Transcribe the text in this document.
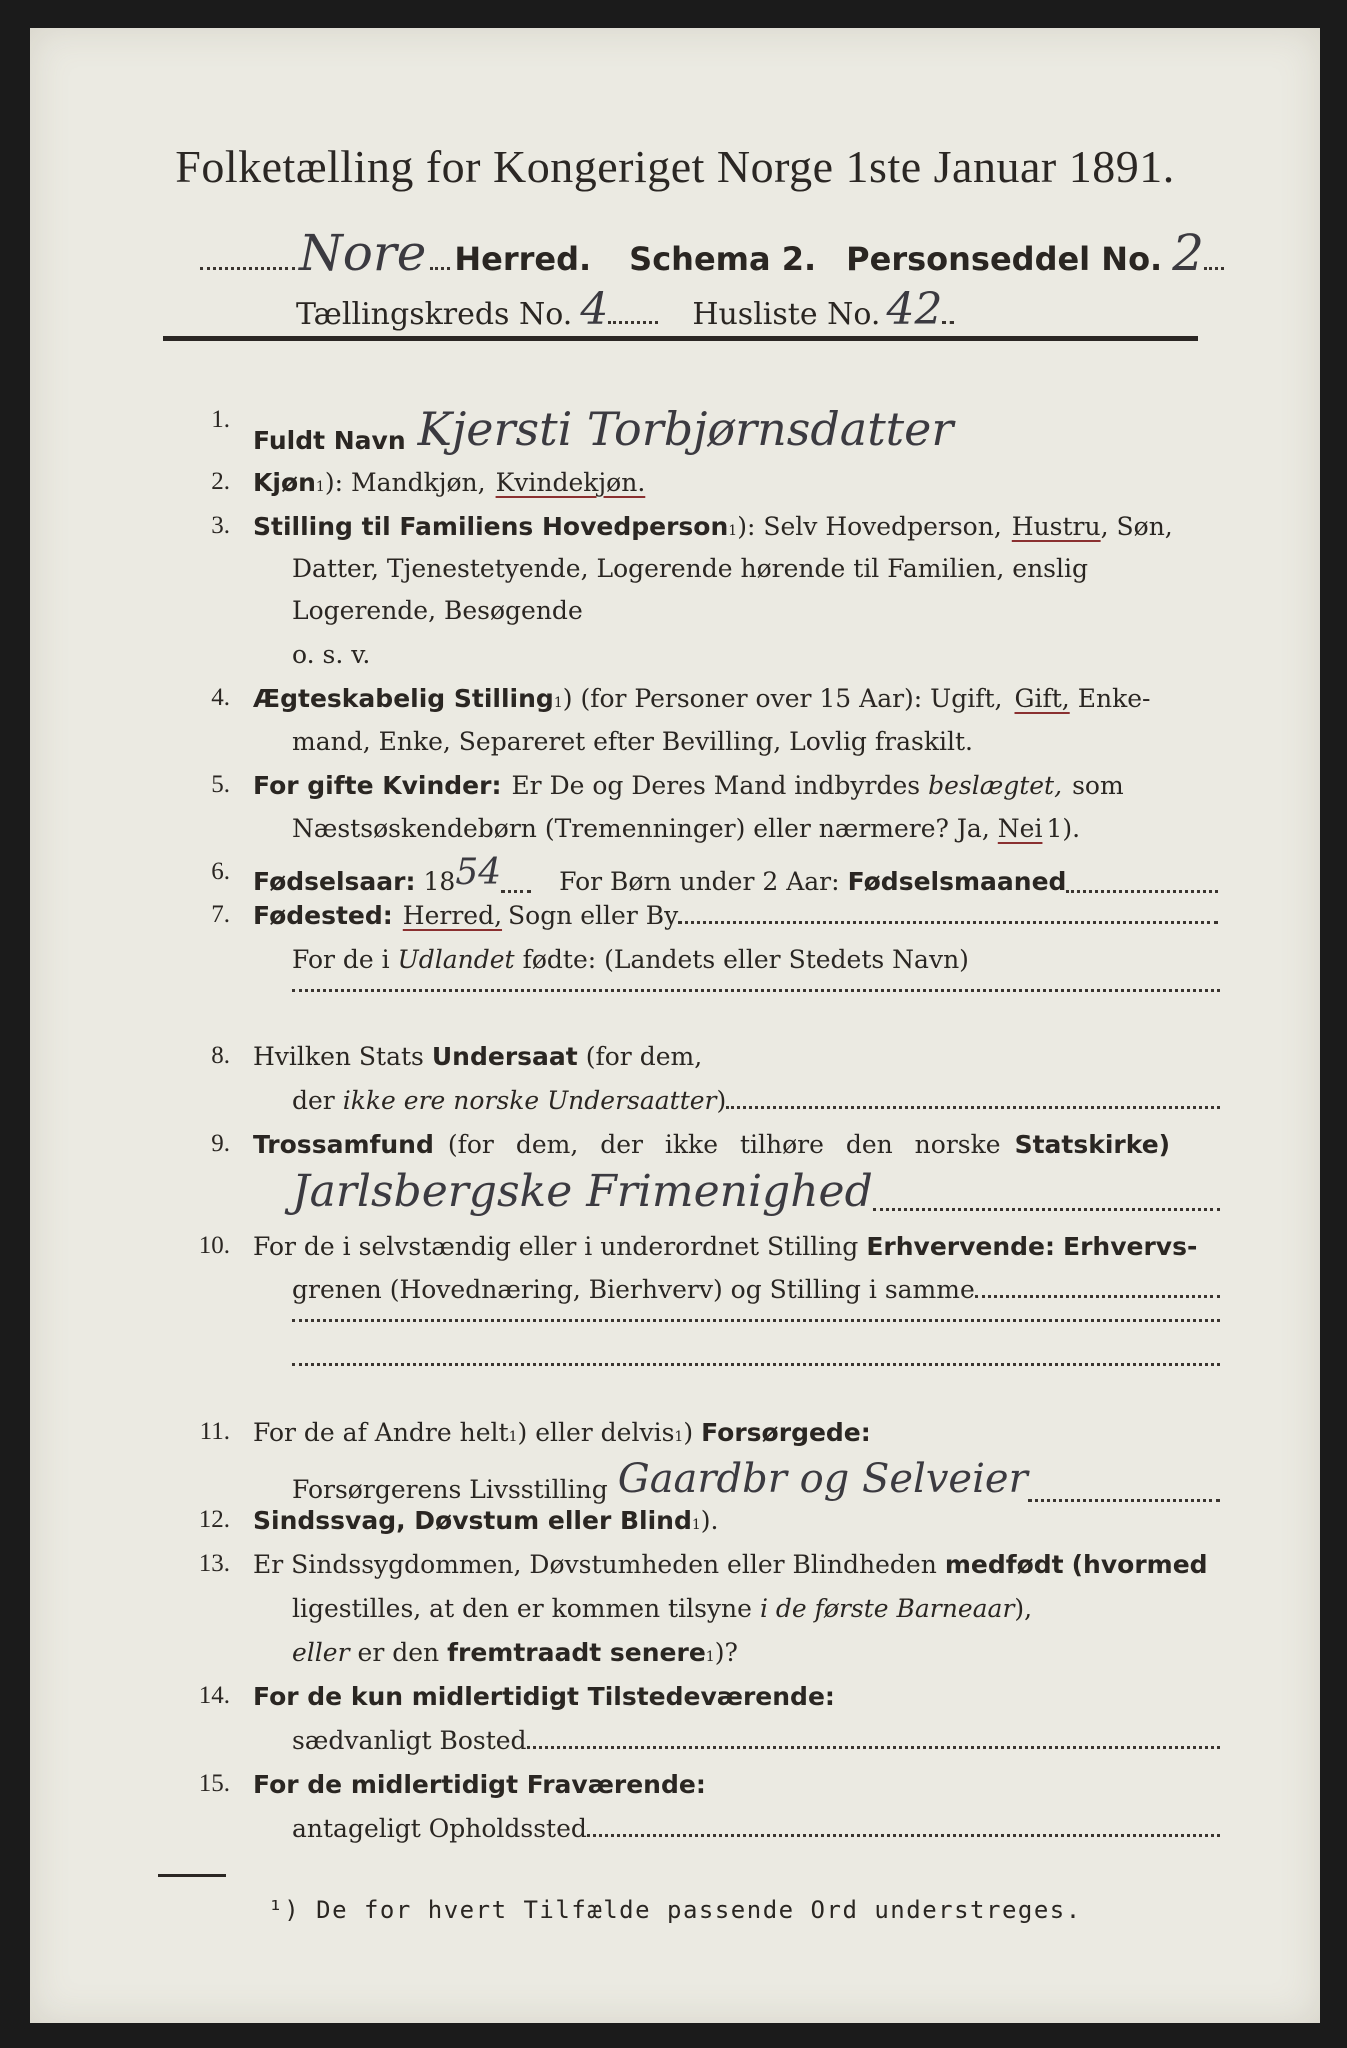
Folketælling for Kongeriget Norge 1ste Januar 1891.
Nore Herred. Schema 2. Personseddel No. 2
Tællingskreds No. 4	Husliste No. 42
1.
Fuldt Navn Kjersti Torbjørnsdatter
2. Kjøn 1 ): Mandkjøn, Kvindekjøn.
3. Stilling til Familiens Hovedperson 1 ): Selv Hovedperson, Hustru , Søn,
Datter, Tjenestetyende, Logerende hørende til Familien, enslig
Logerende, Besøgende
o. s. v.
4. Ægteskabelig Stilling 1 ) (for Personer over 15 Aar): Ugift, Gift, Enke-
mand, Enke, Separeret efter Bevilling, Lovlig fraskilt.
5. For gifte Kvinder: Er De og Deres Mand indbyrdes beslægtet, som
Næstsøskendebørn (Tremenninger) eller nærmere? Ja, Nei 1).
6. Fødselsaar: 18 54 For Børn under 2 Aar: Fødselsmaaned
7. Fødested: Herred, Sogn eller By
For de i Udlandet fødte: (Landets eller Stedets Navn)
8. Hvilken Stats Undersaat (for dem,
der ikke ere norske Undersaatter )
9. Trossamfund (for dem, der ikke tilhøre den norske Statskirke)
Jarlsbergske Frimenighed
10. For de i selvstændig eller i underordnet Stilling Erhvervende: Erhvervs-
grenen (Hovednæring, Bierhverv) og Stilling i samme
11. For de af Andre helt 1 ) eller delvis 1 ) Forsørgede:
Forsørgerens Livsstilling Gaardbr og Selveier
12. Sindssvag, Døvstum eller Blind 1 ).
13. Er Sindssygdommen, Døvstumheden eller Blindheden medfødt (hvormed
ligestilles, at den er kommen tilsyne i de første Barneaar ),
eller er den fremtraadt senere 1 )?
14. For de kun midlertidigt Tilstedeværende:
sædvanligt Bosted
15. For de midlertidigt Fraværende:
antageligt Opholdssted
¹) De for hvert Tilfælde passende Ord understreges.
